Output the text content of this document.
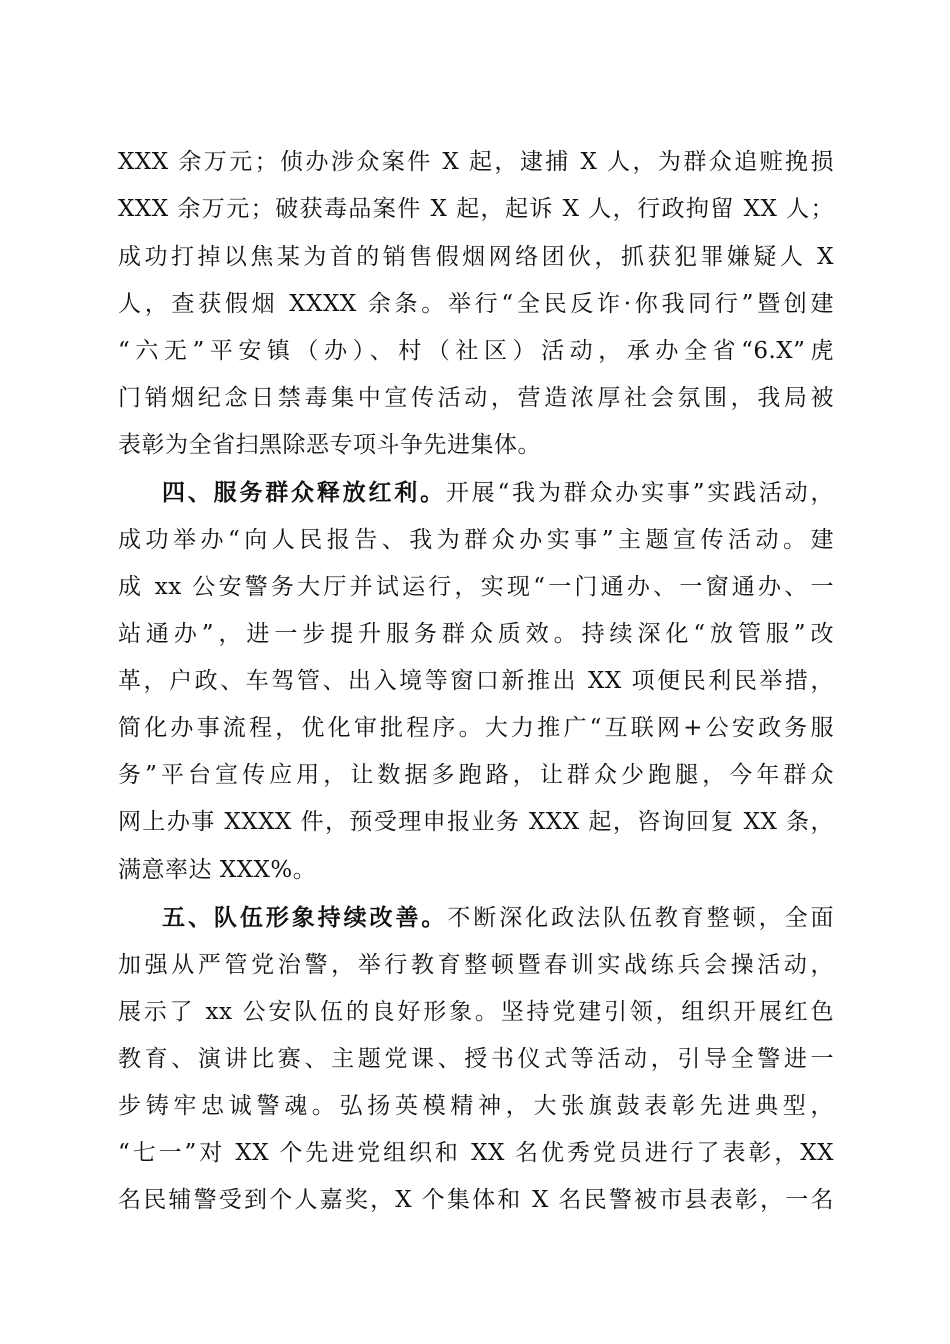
XXX 余万元；侦办涉众案件 X 起，逮捕 X 人，为群众追赃挽损
XXX 余万元；破获毒品案件 X 起，起诉 X 人，行政拘留 XX 人；
成功打掉以焦某为首的销售假烟网络团伙，抓获犯罪嫌疑人 X
人，查获假烟 XXXX 余条。举行“全民反诈·你我同行”暨创建
“六无”平安镇（办）、村（社区）活动，承办全省“6.X”虎
门销烟纪念日禁毒集中宣传活动，营造浓厚社会氛围，我局被
表彰为全省扫黑除恶专项斗争先进集体。
四、服务群众释放红利。开展“我为群众办实事”实践活动，
成功举办“向人民报告、我为群众办实事”主题宣传活动。建
成 xx 公安警务大厅并试运行，实现“一门通办、一窗通办、一
站通办”，进一步提升服务群众质效。持续深化“放管服”改
革，户政、车驾管、出入境等窗口新推出 XX 项便民利民举措，
简化办事流程，优化审批程序。大力推广“互联网+公安政务服
务”平台宣传应用，让数据多跑路，让群众少跑腿，今年群众
网上办事 XXXX 件，预受理申报业务 XXX 起，咨询回复 XX 条，
满意率达 XXX%。
五、队伍形象持续改善。不断深化政法队伍教育整顿，全面
加强从严管党治警，举行教育整顿暨春训实战练兵会操活动，
展示了 xx 公安队伍的良好形象。坚持党建引领，组织开展红色
教育、演讲比赛、主题党课、授书仪式等活动，引导全警进一
步铸牢忠诚警魂。弘扬英模精神，大张旗鼓表彰先进典型，
“七一”对 XX 个先进党组织和 XX 名优秀党员进行了表彰，XX
名民辅警受到个人嘉奖，X 个集体和 X 名民警被市县表彰，一名
